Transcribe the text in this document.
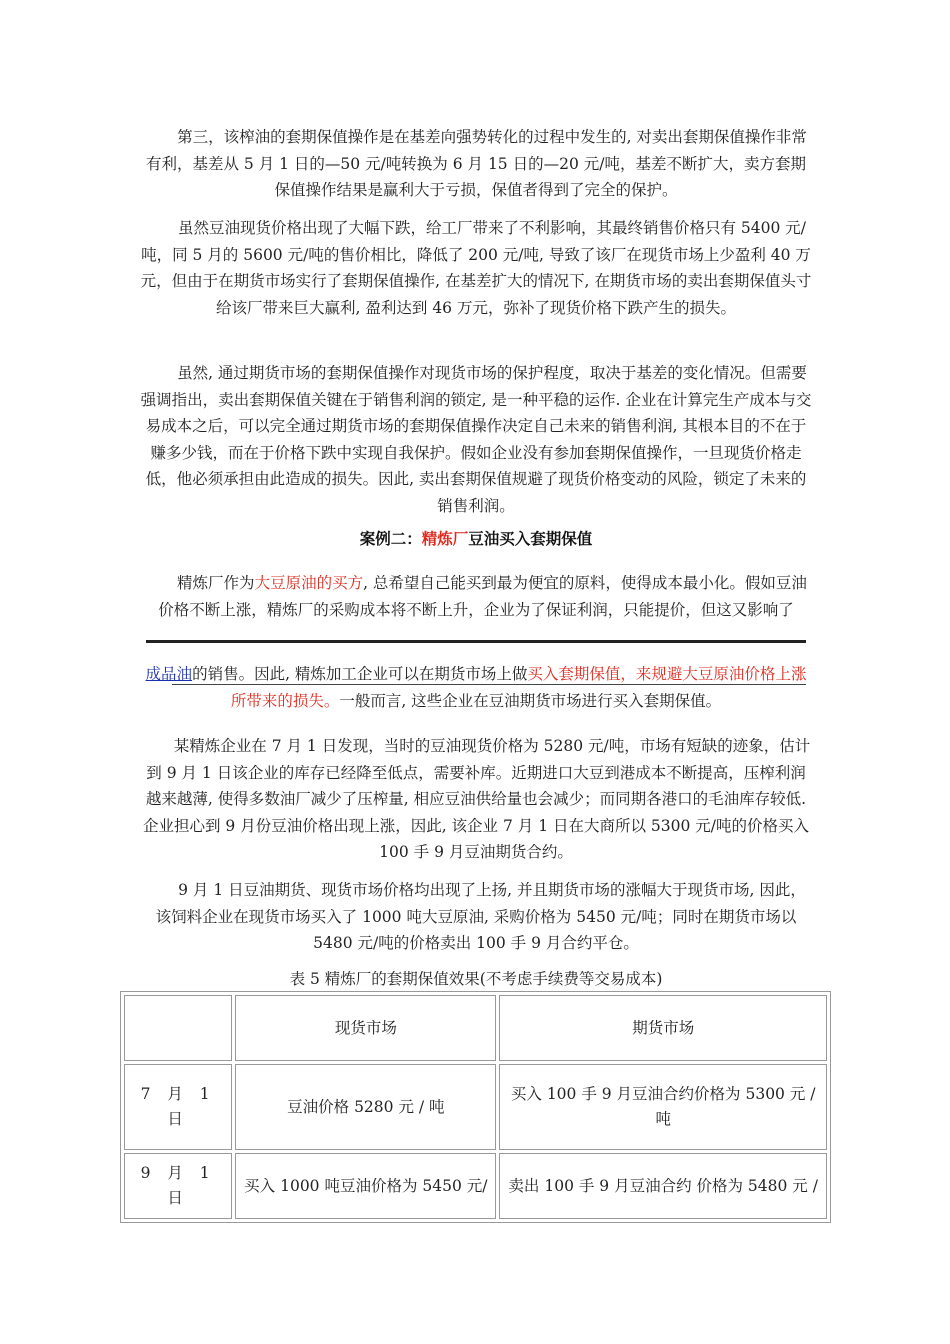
第三，该榨油的套期保值操作是在基差向强势转化的过程中发生的, 对卖出套期保值操作非常有利，基差从 5 月 1 日的—50 元/吨转换为 6 月 15 日的—20 元/吨，基差不断扩大，卖方套期保值操作结果是赢利大于亏损，保值者得到了完全的保护。

虽然豆油现货价格出现了大幅下跌，给工厂带来了不利影响，其最终销售价格只有 5400 元/吨，同 5 月的 5600 元/吨的售价相比，降低了 200 元/吨, 导致了该厂在现货市场上少盈利 40 万元，但由于在期货市场实行了套期保值操作, 在基差扩大的情况下, 在期货市场的卖出套期保值头寸给该厂带来巨大赢利, 盈利达到 46 万元，弥补了现货价格下跌产生的损失。

虽然, 通过期货市场的套期保值操作对现货市场的保护程度，取决于基差的变化情况。但需要强调指出，卖出套期保值关键在于销售利润的锁定, 是一种平稳的运作. 企业在计算完生产成本与交易成本之后，可以完全通过期货市场的套期保值操作决定自己未来的销售利润, 其根本目的不在于赚多少钱，而在于价格下跌中实现自我保护。假如企业没有参加套期保值操作，一旦现货价格走低，他必须承担由此造成的损失。因此, 卖出套期保值规避了现货价格变动的风险，锁定了未来的销售利润。

案例二：精炼厂豆油买入套期保值

精炼厂作为大豆原油的买方, 总希望自己能买到最为便宜的原料，使得成本最小化。假如豆油价格不断上涨，精炼厂的采购成本将不断上升，企业为了保证利润，只能提价，但这又影响了

成品油的销售。因此, 精炼加工企业可以在期货市场上做买入套期保值，来规避大豆原油价格上涨所带来的损失。一般而言, 这些企业在豆油期货市场进行买入套期保值。

某精炼企业在 7 月 1 日发现，当时的豆油现货价格为 5280 元/吨，市场有短缺的迹象，估计到 9 月 1 日该企业的库存已经降至低点，需要补库。近期进口大豆到港成本不断提高，压榨利润越来越薄, 使得多数油厂减少了压榨量, 相应豆油供给量也会减少；而同期各港口的毛油库存较低. 企业担心到 9 月份豆油价格出现上涨，因此, 该企业 7 月 1 日在大商所以 5300 元/吨的价格买入 100 手 9 月豆油期货合约。

9 月 1 日豆油期货、现货市场价格均出现了上扬, 并且期货市场的涨幅大于现货市场, 因此，该饲料企业在现货市场买入了 1000 吨大豆原油, 采购价格为 5450 元/吨；同时在期货市场以 5480 元/吨的价格卖出 100 手 9 月合约平仓。

表 5 精炼厂的套期保值效果(不考虑手续费等交易成本)

	现货市场	期货市场
7 月 1 日	豆油价格 5280 元 / 吨	买入 100 手 9 月豆油合约价格为 5300 元 / 吨
9 月 1 日	买入 1000 吨豆油价格为 5450 元/	卖出 100 手 9 月豆油合约 价格为 5480 元 /
